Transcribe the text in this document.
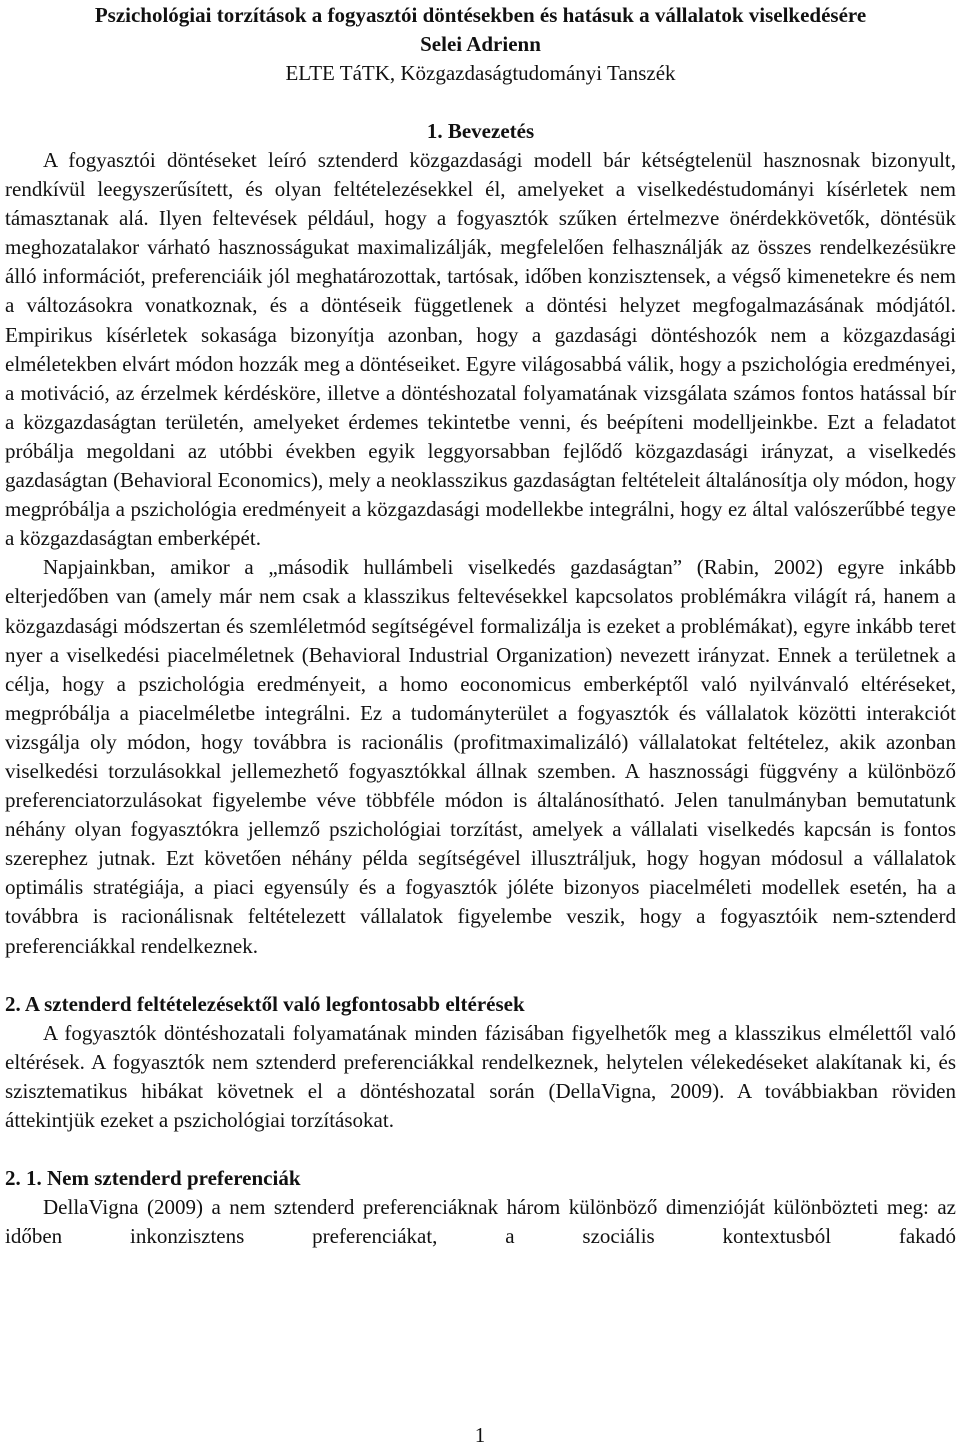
Pszichológiai torzítások a fogyasztói döntésekben és hatásuk a vállalatok viselkedésére
Selei Adrienn
ELTE TáTK, Közgazdaságtudományi Tanszék
1. Bevezetés

A fogyasztói döntéseket leíró sztenderd közgazdasági modell bár kétségtelenül hasznosnak bizonyult, rendkívül leegyszerűsített, és olyan feltételezésekkel él, amelyeket a viselkedéstudományi kísérletek nem támasztanak alá. Ilyen feltevések például, hogy a fogyasztók szűken értelmezve önérdekkövetők, döntésük meghozatalakor várható hasznosságukat maximalizálják, megfelelően felhasználják az összes rendelkezésükre álló információt, preferenciáik jól meghatározottak, tartósak, időben konzisztensek, a végső kimenetekre és nem a változásokra vonatkoznak, és a döntéseik függetlenek a döntési helyzet megfogalmazásának módjától. Empirikus kísérletek sokasága bizonyítja azonban, hogy a gazdasági döntéshozók nem a közgazdasági elméletekben elvárt módon hozzák meg a döntéseiket. Egyre világosabbá válik, hogy a pszichológia eredményei, a motiváció, az érzelmek kérdésköre, illetve a döntéshozatal folyamatának vizsgálata számos fontos hatással bír a közgazdaságtan területén, amelyeket érdemes tekintetbe venni, és beépíteni modelljeinkbe. Ezt a feladatot próbálja megoldani az utóbbi években egyik leggyorsabban fejlődő közgazdasági irányzat, a viselkedés gazdaságtan (Behavioral Economics), mely a neoklasszikus gazdaságtan feltételeit általánosítja oly módon, hogy megpróbálja a pszichológia eredményeit a közgazdasági modellekbe integrálni, hogy ez által valószerűbbé tegye a közgazdaságtan emberképét.

Napjainkban, amikor a „második hullámbeli viselkedés gazdaságtan” (Rabin, 2002) egyre inkább elterjedőben van (amely már nem csak a klasszikus feltevésekkel kapcsolatos problémákra világít rá, hanem a közgazdasági módszertan és szemléletmód segítségével formalizálja is ezeket a problémákat), egyre inkább teret nyer a viselkedési piacelméletnek (Behavioral Industrial Organization) nevezett irányzat. Ennek a területnek a célja, hogy a pszichológia eredményeit, a homo eoconomicus emberképtől való nyilvánvaló eltéréseket, megpróbálja a piacelméletbe integrálni. Ez a tudományterület a fogyasztók és vállalatok közötti interakciót vizsgálja oly módon, hogy továbbra is racionális (profitmaximalizáló) vállalatokat feltételez, akik azonban viselkedési torzulásokkal jellemezhető fogyasztókkal állnak szemben. A hasznossági függvény a különböző preferenciatorzulásokat figyelembe véve többféle módon is általánosítható. Jelen tanulmányban bemutatunk néhány olyan fogyasztókra jellemző pszichológiai torzítást, amelyek a vállalati viselkedés kapcsán is fontos szerephez jutnak. Ezt követően néhány példa segítségével illusztráljuk, hogy hogyan módosul a vállalatok optimális stratégiája, a piaci egyensúly és a fogyasztók jóléte bizonyos piacelméleti modellek esetén, ha a továbbra is racionálisnak feltételezett vállalatok figyelembe veszik, hogy a fogyasztóik nem-sztenderd preferenciákkal rendelkeznek.

2. A sztenderd feltételezésektől való legfontosabb eltérések

A fogyasztók döntéshozatali folyamatának minden fázisában figyelhetők meg a klasszikus elmélettől való eltérések. A fogyasztók nem sztenderd preferenciákkal rendelkeznek, helytelen vélekedéseket alakítanak ki, és szisztematikus hibákat követnek el a döntéshozatal során (DellaVigna, 2009). A továbbiakban röviden áttekintjük ezeket a pszichológiai torzításokat.

2. 1. Nem sztenderd preferenciák

DellaVigna (2009) a nem sztenderd preferenciáknak három különböző dimenzióját különbözteti meg: az időben inkonzisztens preferenciákat, a szociális kontextusból fakadó

1
